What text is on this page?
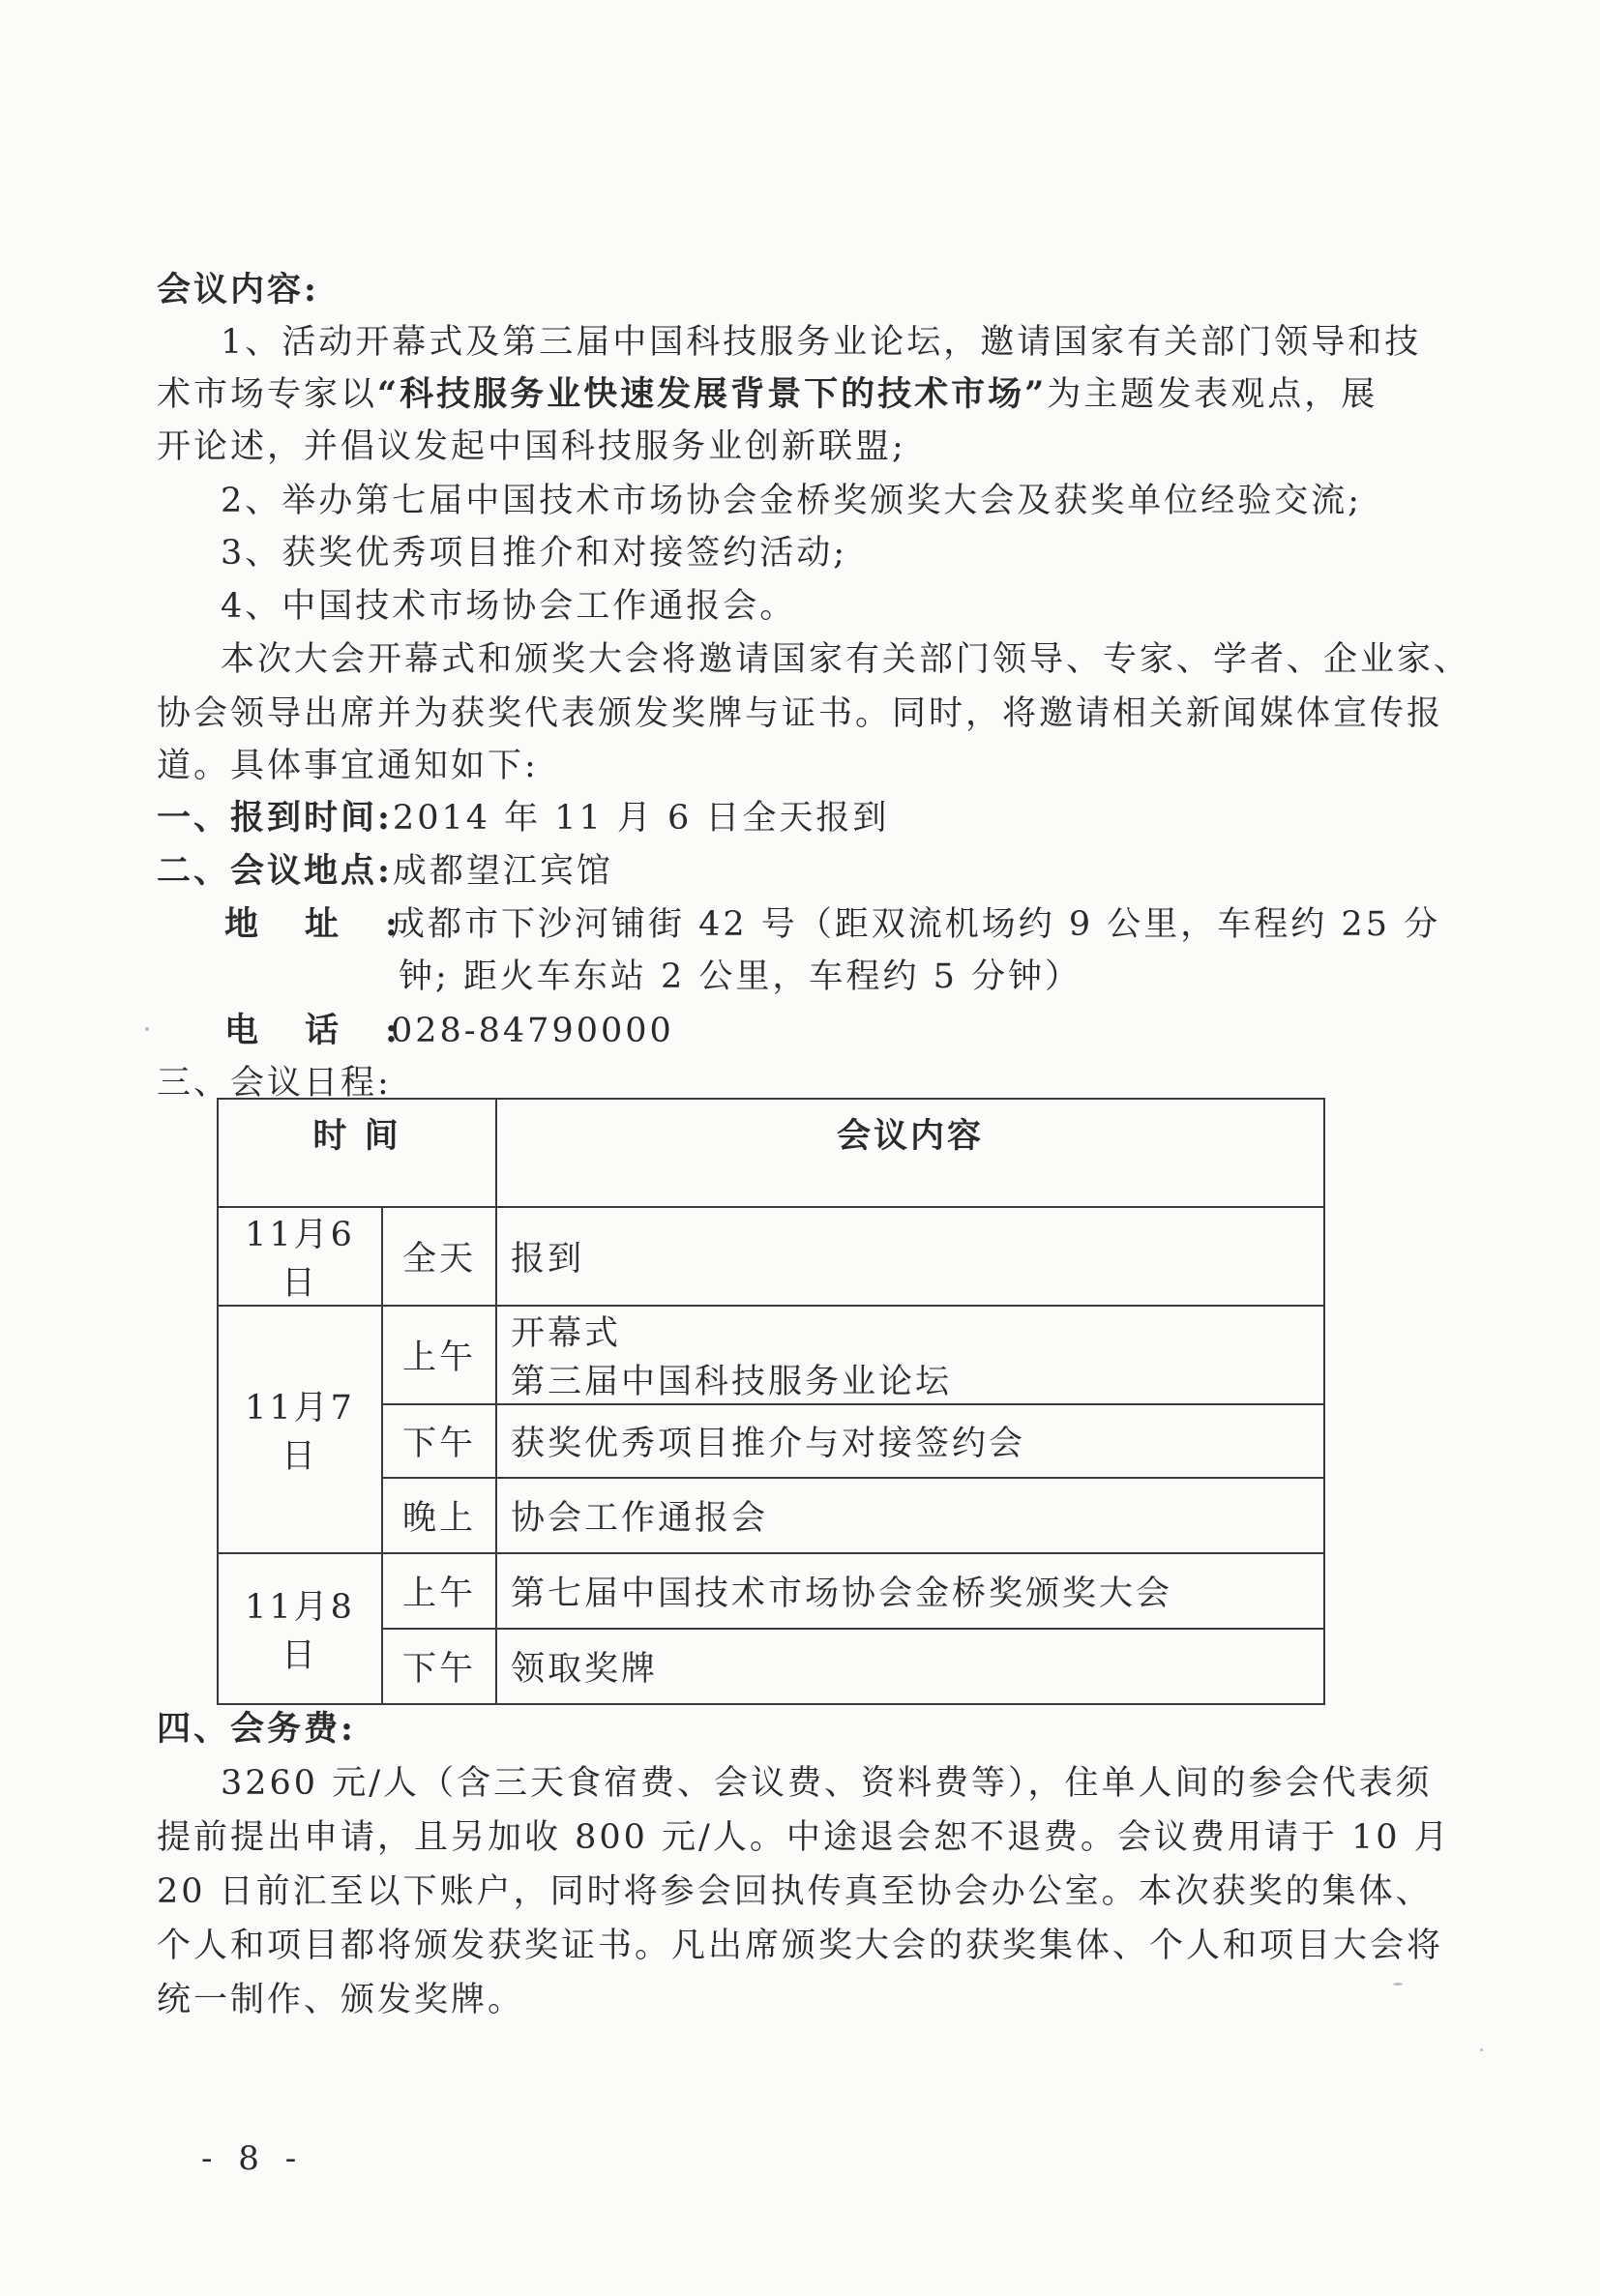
会议内容:
1、活动开幕式及第三届中国科技服务业论坛，邀请国家有关部门领导和技
术市场专家以“科技服务业快速发展背景下的技术市场”为主题发表观点，展
开论述，并倡议发起中国科技服务业创新联盟;
2、举办第七届中国技术市场协会金桥奖颁奖大会及获奖单位经验交流;
3、获奖优秀项目推介和对接签约活动;
4、中国技术市场协会工作通报会。
本次大会开幕式和颁奖大会将邀请国家有关部门领导、专家、学者、企业家、
协会领导出席并为获奖代表颁发奖牌与证书。同时，将邀请相关新闻媒体宣传报
道。具体事宜通知如下:
一、报到时间:2014 年 11 月 6 日全天报到
二、会议地点:成都望江宾馆
地址:成都市下沙河铺街 42 号（距双流机场约 9 公里，车程约 25 分
钟; 距火车东站 2 公里，车程约 5 分钟）
电话:028-84790000
三、会议日程:
时 间		会议内容
11月6日	全天	报到
11月7日	上午	开幕式
第三届中国科技服务业论坛

	下午	获奖优秀项目推介与对接签约会
	晚上	协会工作通报会
11月8日	上午	第七届中国技术市场协会金桥奖颁奖大会
	下午	领取奖牌
四、会务费:
3260 元/人（含三天食宿费、会议费、资料费等），住单人间的参会代表须
提前提出申请，且另加收 800 元/人。中途退会恕不退费。会议费用请于 10 月
20 日前汇至以下账户，同时将参会回执传真至协会办公室。本次获奖的集体、
个人和项目都将颁发获奖证书。凡出席颁奖大会的获奖集体、个人和项目大会将
统一制作、颁发奖牌。
- 8 -
